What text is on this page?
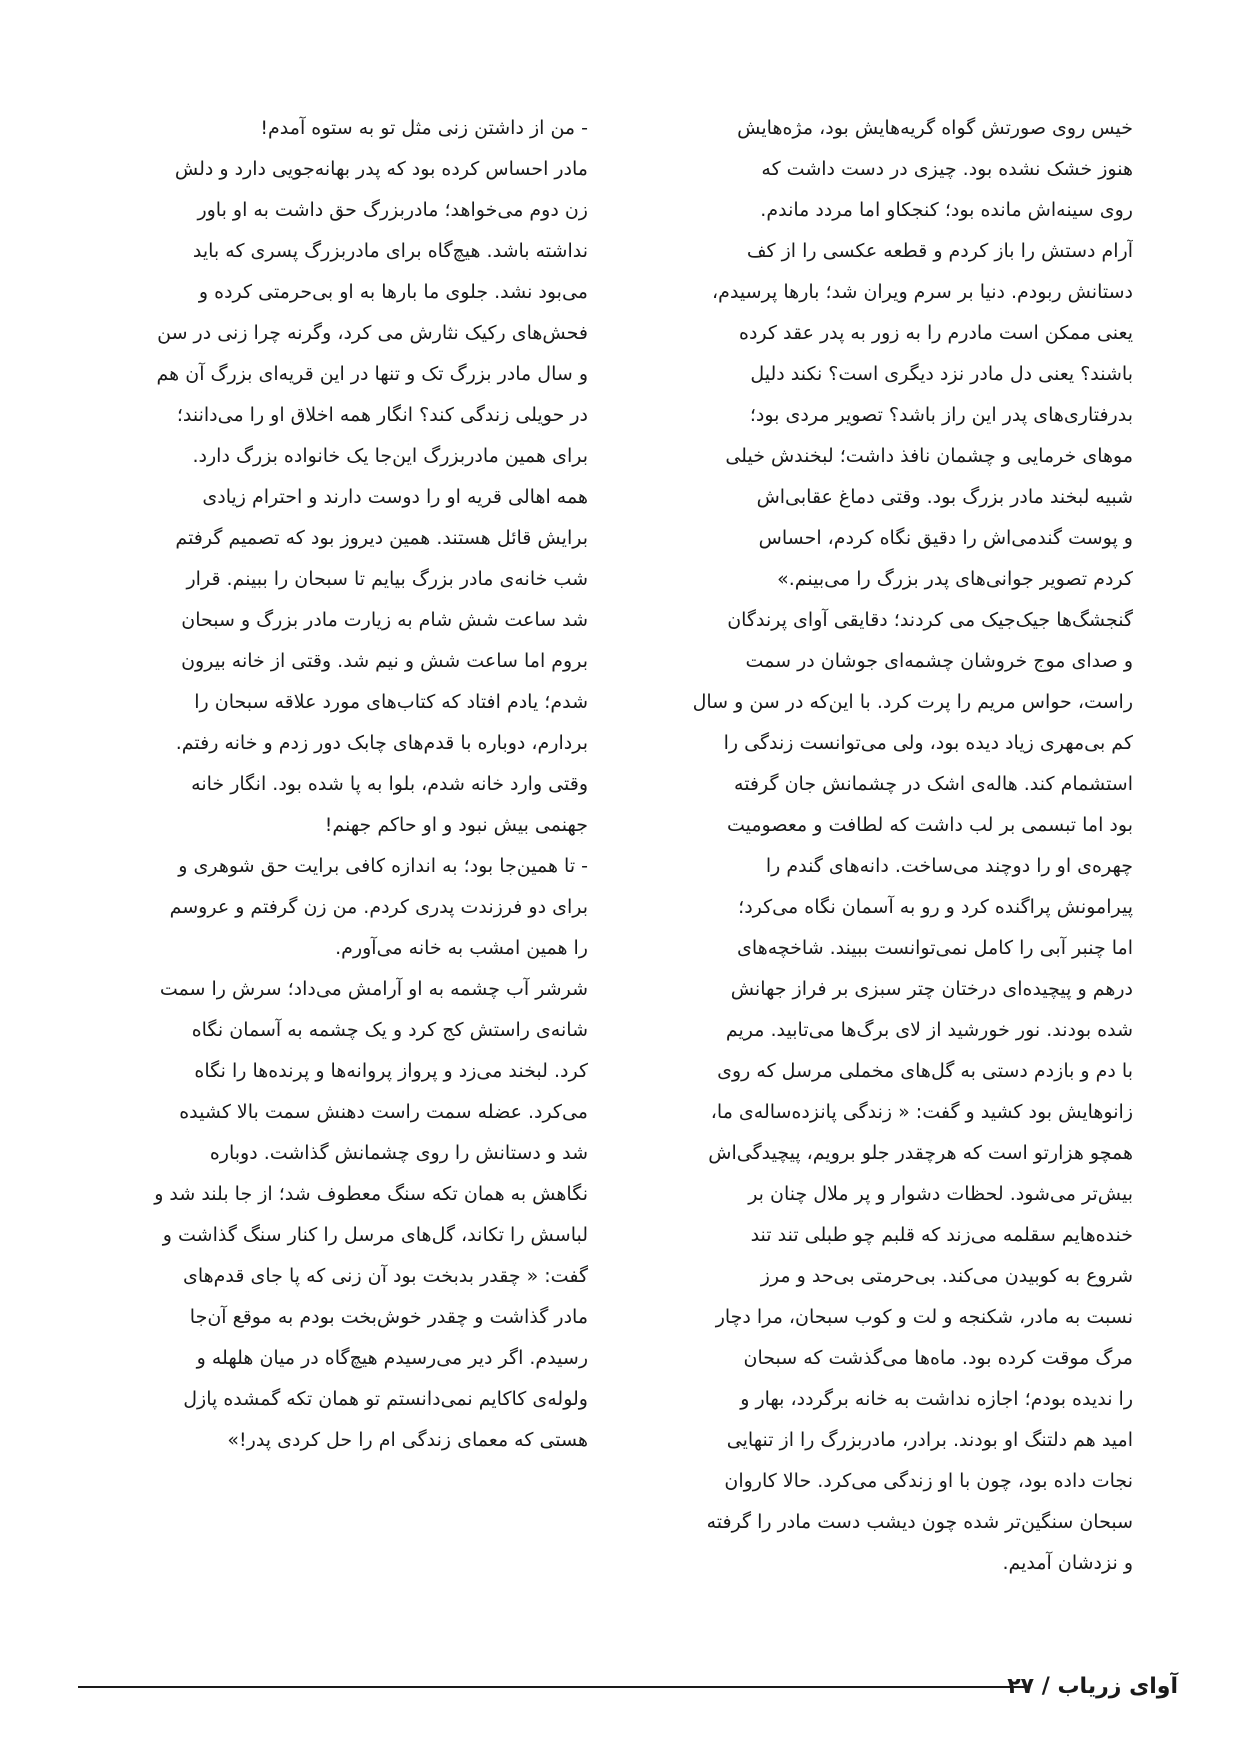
خیس روی صورتش گواه گریه‌هایش بود، مژه‌هایش
هنوز خشک نشده بود. چیزی در دست داشت که
روی سینه‌اش مانده بود؛ کنجکاو اما مردد ماندم.
آرام دستش را باز کردم و قطعه عکسی را از کف
دستانش ربودم. دنیا بر سرم ویران شد؛ بارها پرسیدم،
یعنی ممکن است مادرم را به زور به پدر عقد کرده
باشند؟ یعنی دل مادر نزد دیگری است؟ نکند دلیل
بدرفتاری‌های پدر این راز باشد؟ تصویر مردی بود؛
موهای خرمایی و چشمان نافذ داشت؛ لبخندش خیلی
شبیه لبخند مادر بزرگ بود. وقتی دماغ عقابی‌اش
و پوست گندمی‌اش را دقیق نگاه کردم، احساس
کردم تصویر جوانی‌های پدر بزرگ را می‌بینم.»
گنجشگ‌ها جیک‌جیک می کردند؛ دقایقی آوای پرندگان
و صدای موج خروشان چشمه‌ای جوشان در سمت
راست، حواس مریم را پرت کرد. با این‌که در سن و سال
کم بی‌مهری زیاد دیده بود، ولی می‌توانست زندگی را
استشمام کند. هاله‌ی اشک در چشمانش جان گرفته
بود اما تبسمی بر لب داشت که لطافت و معصومیت
چهره‌ی او را دوچند می‌ساخت. دانه‌های گندم را
پیرامونش پراگنده کرد و رو به آسمان نگاه می‌کرد؛
اما چنبر آبی را کامل نمی‌توانست ببیند. شاخچه‌های
درهم و پیچیده‌ای درختان چتر سبزی بر فراز جهانش
شده بودند. نور خورشید از لای برگ‌ها می‌تابید. مریم
با دم و بازدم دستی به گل‌های مخملی مرسل که روی
زانوهایش بود کشید و گفت: « زندگی پانزده‌ساله‌ی ما،
همچو هزارتو است که هرچقدر جلو برویم، پیچیدگی‌اش
بیش‌تر می‌شود. لحظات دشوار و پر ملال چنان بر
خنده‌هایم سقلمه می‌زند که قلبم چو طبلی تند تند
شروع به کوبیدن می‌کند. بی‌حرمتی بی‌حد و مرز
نسبت به مادر، شکنجه و لت و کوب سبحان، مرا دچار
مرگ موقت کرده بود. ماه‌ها می‌گذشت که سبحان
را ندیده بودم؛ اجازه نداشت به خانه برگردد، بهار و
امید هم دلتنگ او بودند. برادر، مادربزرگ را از تنهایی
نجات داده بود، چون با او زندگی می‌کرد. حالا کاروان
سبحان سنگین‌تر شده چون دیشب دست مادر را گرفته
و نزدشان آمدیم.
- من از داشتن زنی مثل تو به ستوه آمدم!
مادر احساس کرده بود که پدر بهانه‌جویی دارد و دلش
زن دوم می‌خواهد؛ مادربزرگ حق داشت به او باور
نداشته باشد. هیچ‌گاه برای مادربزرگ پسری که باید
می‌بود نشد. جلوی ما بارها به او بی‌حرمتی کرده و
فحش‌های رکیک نثارش می کرد، وگرنه چرا زنی در سن
و سال مادر بزرگ تک و تنها در این قریه‌ای بزرگ آن هم
در حویلی زندگی کند؟ انگار همه اخلاق او را می‌دانند؛
برای همین مادربزرگ این‌جا یک خانواده بزرگ دارد.
همه اهالی قریه او را دوست دارند و احترام زیادی
برایش قائل هستند. همین دیروز بود که تصمیم گرفتم
شب خانه‌ی مادر بزرگ بیایم تا سبحان را ببینم. قرار
شد ساعت شش شام به زیارت مادر بزرگ و سبحان
بروم اما ساعت شش و نیم شد. وقتی از خانه بیرون
شدم؛ یادم افتاد که کتاب‌های مورد علاقه سبحان را
بردارم، دوباره با قدم‌های چابک دور زدم و خانه رفتم.
وقتی وارد خانه شدم، بلوا به پا شده بود. انگار خانه
جهنمی بیش نبود و او حاکم جهنم!
- تا همین‌جا بود؛ به اندازه کافی برایت حق شوهری و
برای دو فرزندت پدری کردم. من زن گرفتم و عروسم
را همین امشب به خانه می‌آورم.
شرشر آب چشمه به او آرامش می‌داد؛ سرش را سمت
شانه‌ی راستش کج کرد و یک چشمه به آسمان نگاه
کرد. لبخند می‌زد و پرواز پروانه‌ها و پرنده‌ها را نگاه
می‌کرد. عضله سمت راست دهنش سمت بالا کشیده
شد و دستانش را روی چشمانش گذاشت. دوباره
نگاهش به همان تکه سنگ معطوف شد؛ از جا بلند شد و
لباسش را تکاند، گل‌های مرسل را کنار سنگ گذاشت و
گفت: « چقدر بدبخت بود آن زنی که پا جای قدم‌های
مادر گذاشت و چقدر خوش‌بخت بودم به موقع آن‌جا
رسیدم. اگر دیر می‌رسیدم هیچ‌گاه در میان هلهله و
ولوله‌ی کاکایم نمی‌دانستم تو همان تکه گمشده پازل
هستی که معمای زندگی ام را حل کردی پدر!»
آوای زریاب / ۲۷
